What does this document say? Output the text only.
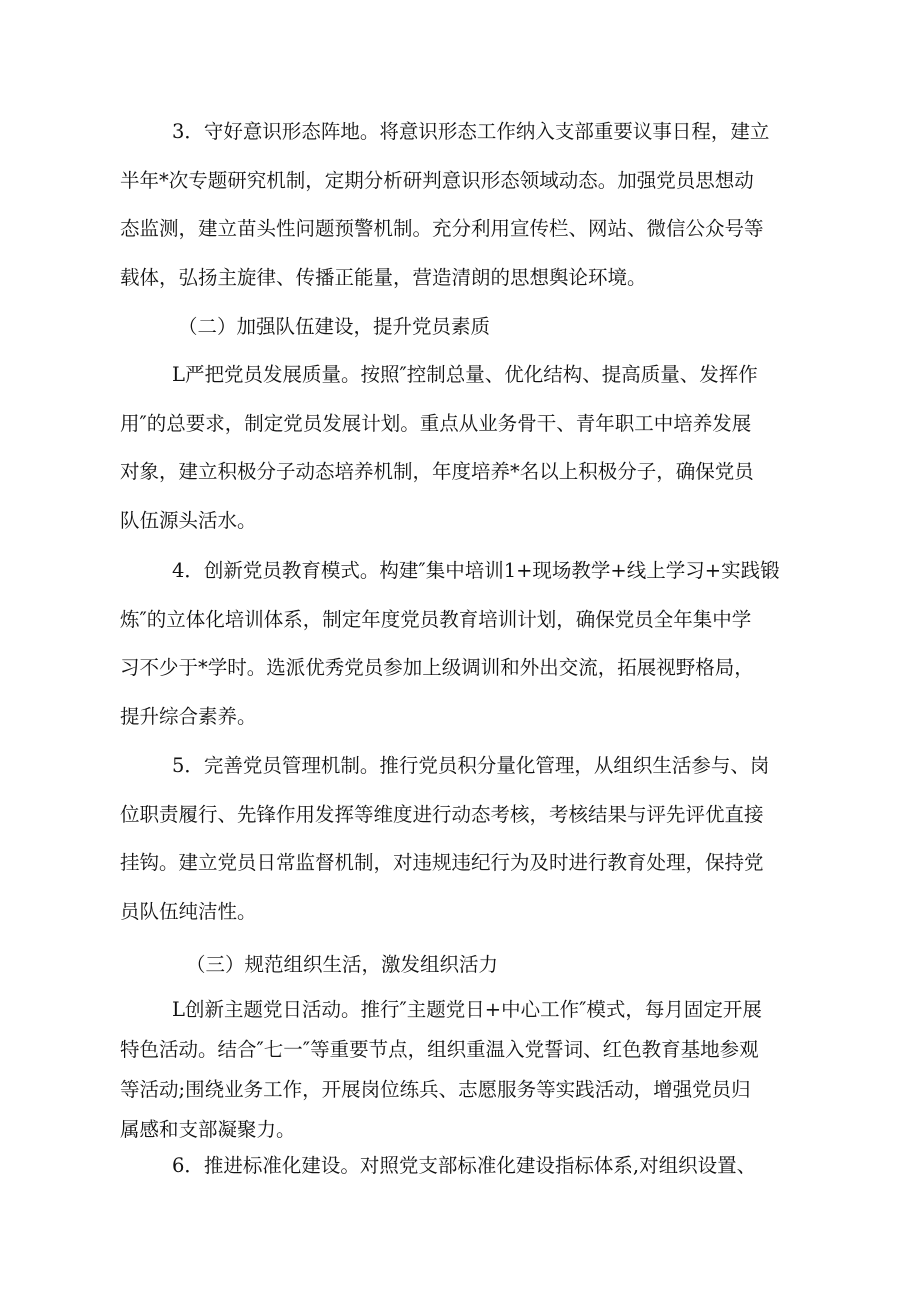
3．守好意识形态阵地。将意识形态工作纳入支部重要议事日程，建立
半年*次专题研究机制，定期分析研判意识形态领域动态。加强党员思想动
态监测，建立苗头性问题预警机制。充分利用宣传栏、网站、微信公众号等
载体，弘扬主旋律、传播正能量，营造清朗的思想舆论环境。
（二）加强队伍建设，提升党员素质
L严把党员发展质量。按照″控制总量、优化结构、提高质量、发挥作
用″的总要求，制定党员发展计划。重点从业务骨干、青年职工中培养发展
对象，建立积极分子动态培养机制，年度培养*名以上积极分子，确保党员
队伍源头活水。
4．创新党员教育模式。构建″集中培训1+现场教学+线上学习+实践锻
炼″的立体化培训体系，制定年度党员教育培训计划，确保党员全年集中学
习不少于*学时。选派优秀党员参加上级调训和外出交流，拓展视野格局，
提升综合素养。
5．完善党员管理机制。推行党员积分量化管理，从组织生活参与、岗
位职责履行、先锋作用发挥等维度进行动态考核，考核结果与评先评优直接
挂钩。建立党员日常监督机制，对违规违纪行为及时进行教育处理，保持党
员队伍纯洁性。
（三）规范组织生活，激发组织活力
L创新主题党日活动。推行″主题党日+中心工作″模式，每月固定开展
特色活动。结合″七一″等重要节点，组织重温入党誓词、红色教育基地参观
等活动;围绕业务工作，开展岗位练兵、志愿服务等实践活动，增强党员归
属感和支部凝聚力。
6．推进标准化建设。对照党支部标准化建设指标体系,对组织设置、
